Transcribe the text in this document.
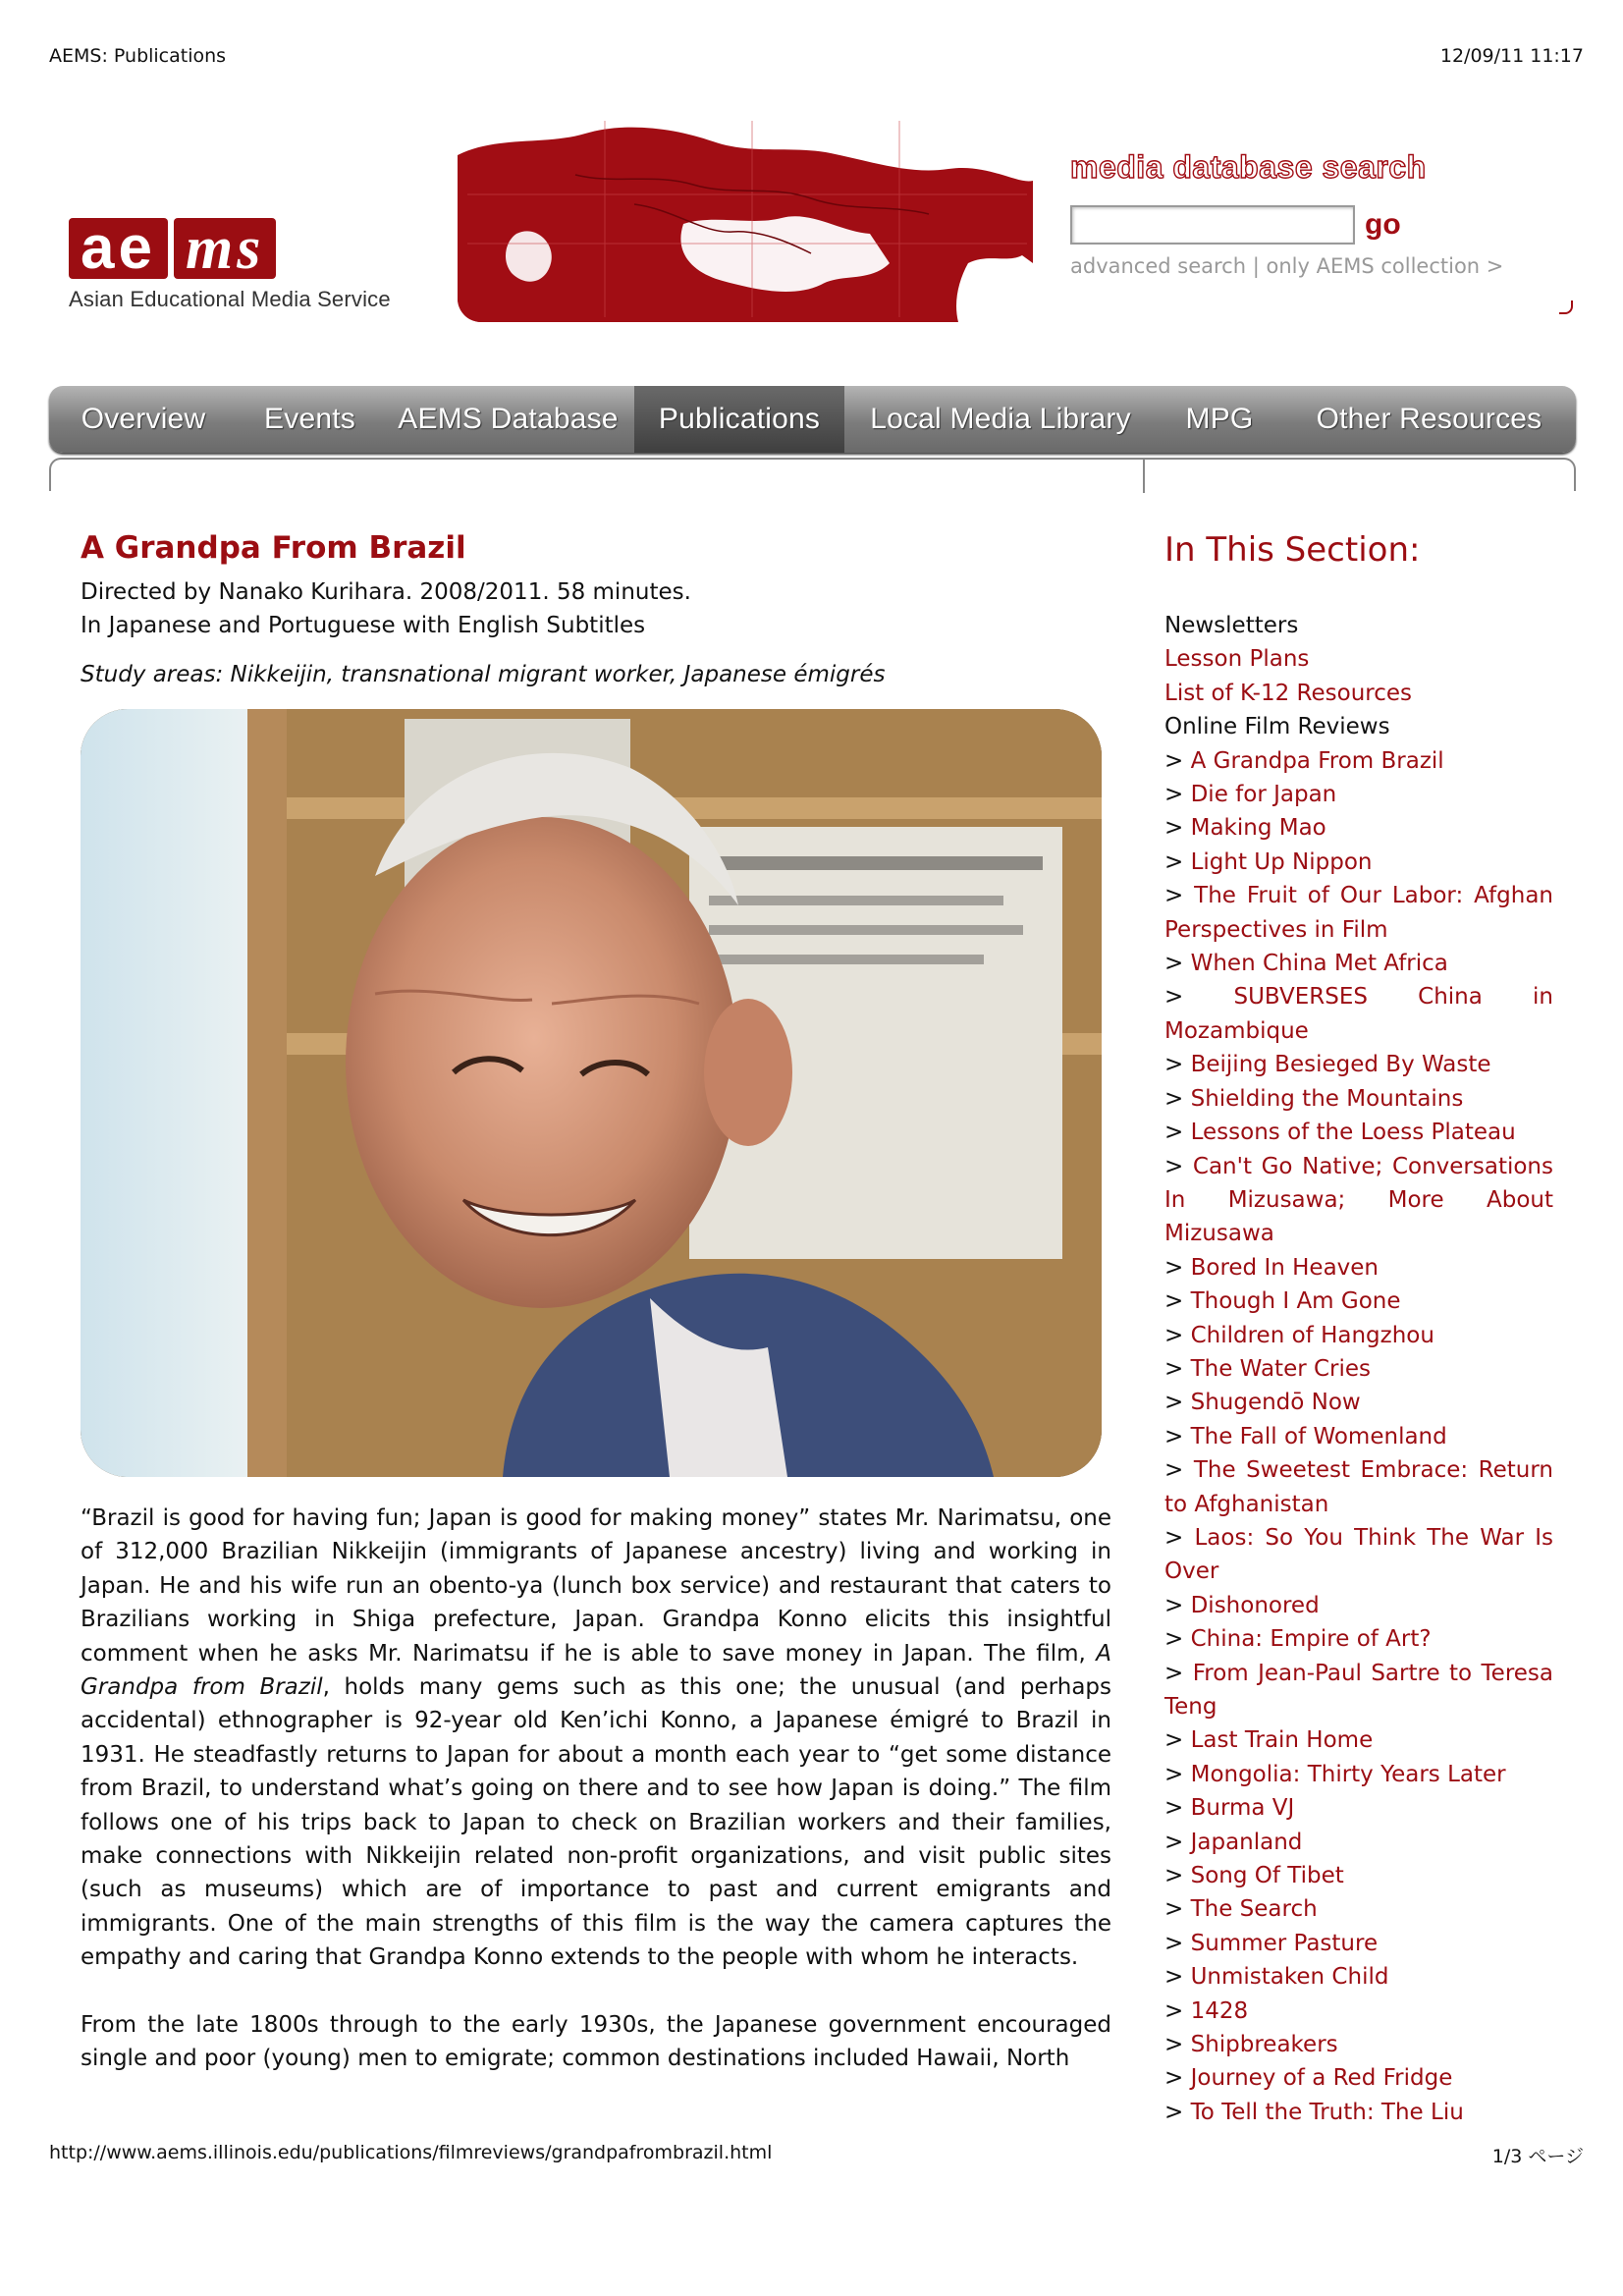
AEMS: Publications	12/09/11 11:17
ae ms
Asian Educational Media Service
media database search
go
advanced search | only AEMS collection >
Overview	Events	AEMS Database	Publications	Local Media Library	MPG	Other Resources
A Grandpa From Brazil
Directed by Nanako Kurihara. 2008/2011. 58 minutes.
In Japanese and Portuguese with English Subtitles
Study areas: Nikkeijin, transnational migrant worker, Japanese émigrés

“Brazil is good for having fun; Japan is good for making money” states Mr. Narimatsu, one of 312,000 Brazilian Nikkeijin (immigrants of Japanese ancestry) living and working in Japan. He and his wife run an obento-ya (lunch box service) and restaurant that caters to Brazilians working in Shiga prefecture, Japan. Grandpa Konno elicits this insightful comment when he asks Mr. Narimatsu if he is able to save money in Japan. The film, A Grandpa from Brazil, holds many gems such as this one; the unusual (and perhaps accidental) ethnographer is 92-year old Ken’ichi Konno, a Japanese émigré to Brazil in 1931. He steadfastly returns to Japan for about a month each year to “get some distance from Brazil, to understand what’s going on there and to see how Japan is doing.” The film follows one of his trips back to Japan to check on Brazilian workers and their families, make connections with Nikkeijin related non-profit organizations, and visit public sites (such as museums) which are of importance to past and current emigrants and immigrants. One of the main strengths of this film is the way the camera captures the empathy and caring that Grandpa Konno extends to the people with whom he interacts.

From the late 1800s through to the early 1930s, the Japanese government encouraged single and poor (young) men to emigrate; common destinations included Hawaii, North

In This Section:
Newsletters
Lesson Plans
List of K-12 Resources
Online Film Reviews
> A Grandpa From Brazil
> Die for Japan
> Making Mao
> Light Up Nippon
> The Fruit of Our Labor: Afghan Perspectives in Film
> When China Met Africa
> SUBVERSES China in Mozambique
> Beijing Besieged By Waste
> Shielding the Mountains
> Lessons of the Loess Plateau
> Can't Go Native; Conversations In Mizusawa; More About Mizusawa
> Bored In Heaven
> Though I Am Gone
> Children of Hangzhou
> The Water Cries
> Shugendō Now
> The Fall of Womenland
> The Sweetest Embrace: Return to Afghanistan
> Laos: So You Think The War Is Over
> Dishonored
> China: Empire of Art?
> From Jean-Paul Sartre to Teresa Teng
> Last Train Home
> Mongolia: Thirty Years Later
> Burma VJ
> Japanland
> Song Of Tibet
> The Search
> Summer Pasture
> Unmistaken Child
> 1428
> Shipbreakers
> Journey of a Red Fridge
> To Tell the Truth: The Liu
http://www.aems.illinois.edu/publications/filmreviews/grandpafrombrazil.html	1/3 ページ
